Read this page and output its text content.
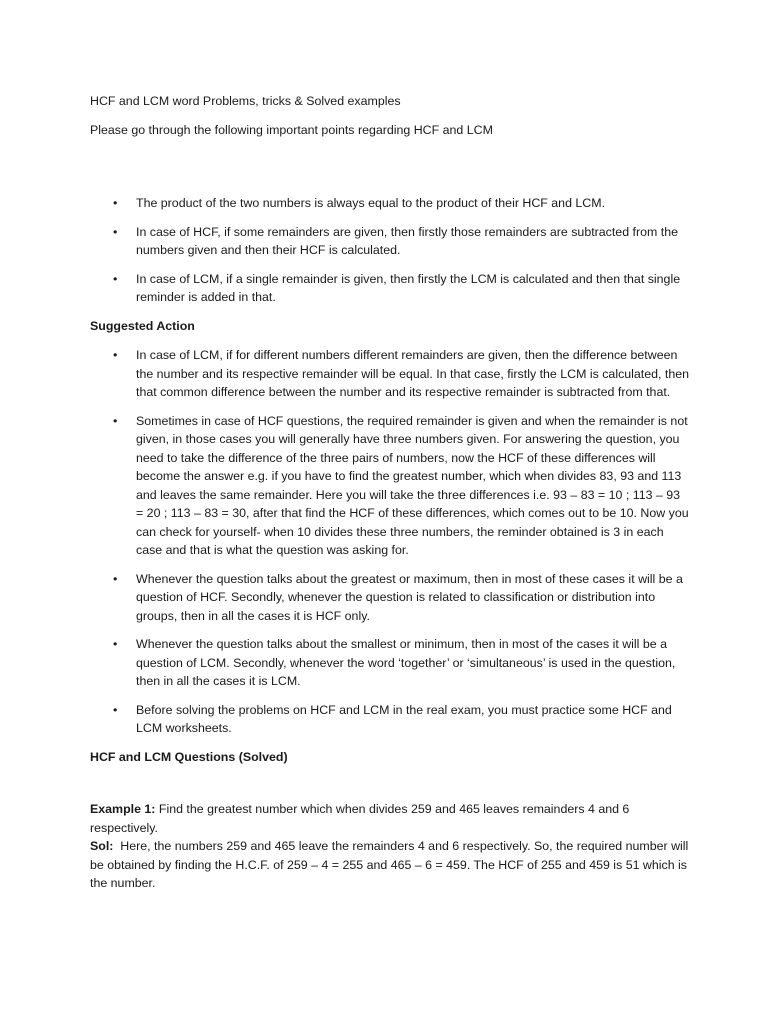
HCF and LCM word Problems, tricks & Solved examples

Please go through the following important points regarding HCF and LCM

• The product of the two numbers is always equal to the product of their HCF and LCM.
• In case of HCF, if some remainders are given, then firstly those remainders are subtracted from the numbers given and then their HCF is calculated.
• In case of LCM, if a single remainder is given, then firstly the LCM is calculated and then that single reminder is added in that.

Suggested Action

• In case of LCM, if for different numbers different remainders are given, then the difference between the number and its respective remainder will be equal. In that case, firstly the LCM is calculated, then that common difference between the number and its respective remainder is subtracted from that.
• Sometimes in case of HCF questions, the required remainder is given and when the remainder is not given, in those cases you will generally have three numbers given. For answering the question, you need to take the difference of the three pairs of numbers, now the HCF of these differences will become the answer e.g. if you have to find the greatest number, which when divides 83, 93 and 113 and leaves the same remainder. Here you will take the three differences i.e. 93 – 83 = 10 ; 113 – 93 = 20 ; 113 – 83 = 30, after that find the HCF of these differences, which comes out to be 10. Now you can check for yourself- when 10 divides these three numbers, the reminder obtained is 3 in each case and that is what the question was asking for.
• Whenever the question talks about the greatest or maximum, then in most of these cases it will be a question of HCF. Secondly, whenever the question is related to classification or distribution into groups, then in all the cases it is HCF only.
• Whenever the question talks about the smallest or minimum, then in most of the cases it will be a question of LCM. Secondly, whenever the word ‘together’ or ‘simultaneous’ is used in the question, then in all the cases it is LCM.
• Before solving the problems on HCF and LCM in the real exam, you must practice some HCF and LCM worksheets.

HCF and LCM Questions (Solved)

Example 1: Find the greatest number which when divides 259 and 465 leaves remainders 4 and 6 respectively.
Sol:  Here, the numbers 259 and 465 leave the remainders 4 and 6 respectively. So, the required number will be obtained by finding the H.C.F. of 259 – 4 = 255 and 465 – 6 = 459. The HCF of 255 and 459 is 51 which is the number.
